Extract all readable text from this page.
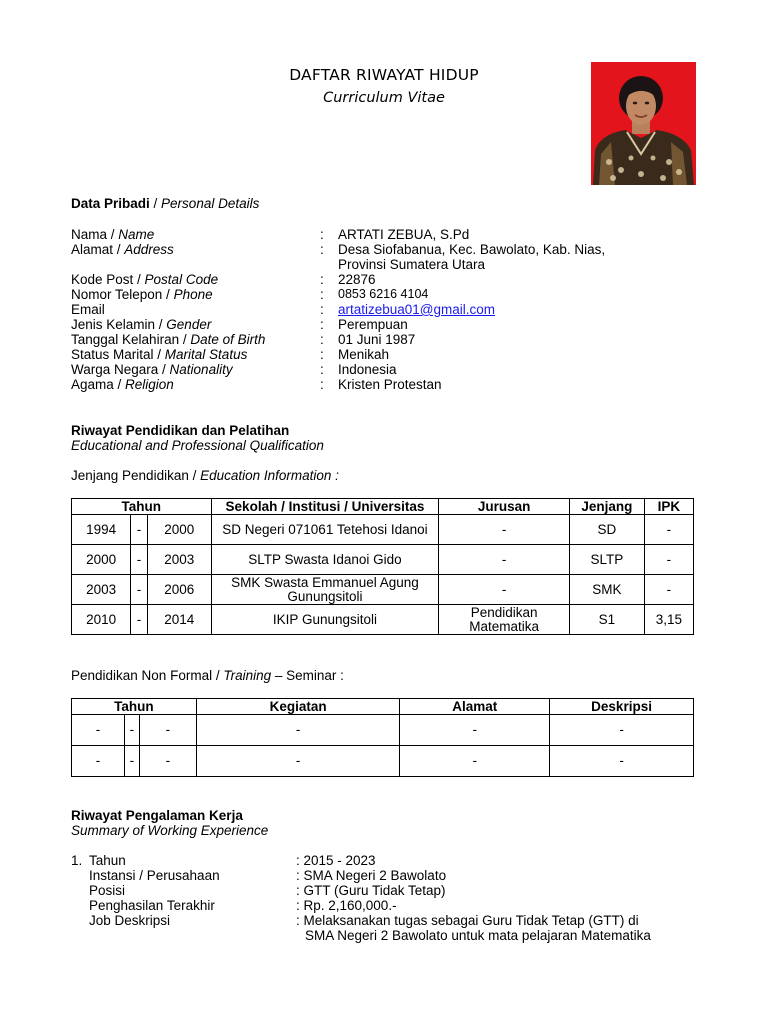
DAFTAR RIWAYAT HIDUP
Curriculum Vitae
Data Pribadi / Personal Details
Nama / Name	: ARTATI ZEBUA, S.Pd
Alamat / Address	: Desa Siofabanua, Kec. Bawolato, Kab. Nias,
Provinsi Sumatera Utara
Kode Post / Postal Code	: 22876
Nomor Telepon / Phone	: 0853 6216 4104
Email	: artatizebua01@gmail.com
Jenis Kelamin / Gender	: Perempuan
Tanggal Kelahiran / Date of Birth	: 01 Juni 1987
Status Marital / Marital Status	: Menikah
Warga Negara / Nationality	: Indonesia
Agama / Religion	: Kristen Protestan
Riwayat Pendidikan dan Pelatihan
Educational and Professional Qualification
Jenjang Pendidikan / Education Information :
Tahun			Sekolah / Institusi / Universitas	Jurusan	Jenjang	IPK
1994	-	2000	SD Negeri 071061 Tetehosi Idanoi	-	SD	-
2000	-	2003	SLTP Swasta Idanoi Gido	-	SLTP	-
2003	-	2006	SMK Swasta Emmanuel Agung
Gunungsitoli	-	SMK	-
2010	-	2014	IKIP Gunungsitoli	Pendidikan
Matematika	S1	3,15
Pendidikan Non Formal / Training – Seminar :
Tahun			Kegiatan	Alamat	Deskripsi
-	-	-	-	-	-
-	-	-	-	-	-
Riwayat Pengalaman Kerja
Summary of Working Experience
1. Tahun	: 2015 - 2023
Instansi / Perusahaan	: SMA Negeri 2 Bawolato
Posisi	: GTT (Guru Tidak Tetap)
Penghasilan Terakhir	: Rp. 2,160,000.-
Job Deskripsi	: Melaksanakan tugas sebagai Guru Tidak Tetap (GTT) di
SMA Negeri 2 Bawolato untuk mata pelajaran Matematika
